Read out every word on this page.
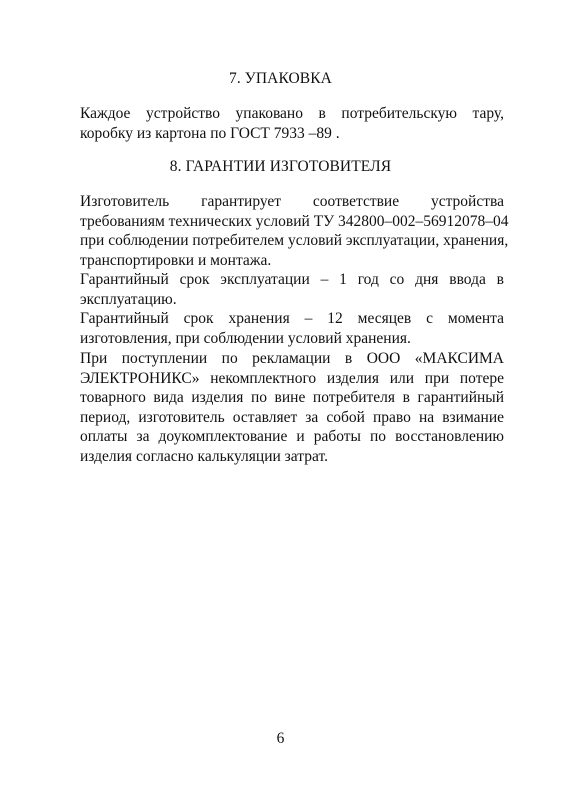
7. УПАКОВКА
Каждое устройство упаковано в потребительскую тару,
коробку из картона по ГОСТ 7933 –89 .
8. ГАРАНТИИ ИЗГОТОВИТЕЛЯ
Изготовитель гарантирует соответствие устройства
требованиям технических условий ТУ 342800–002–56912078–04
при соблюдении потребителем условий эксплуатации, хранения,
транспортировки и монтажа.
Гарантийный срок эксплуатации – 1 год со дня ввода в
эксплуатацию.
Гарантийный срок хранения – 12 месяцев с момента
изготовления, при соблюдении условий хранения.
При поступлении по рекламации в ООО «МАКСИМА
ЭЛЕКТРОНИКС» некомплектного изделия или при потере
товарного вида изделия по вине потребителя в гарантийный
период, изготовитель оставляет за собой право на взимание
оплаты за доукомплектование и работы по восстановлению
изделия согласно калькуляции затрат.
6
